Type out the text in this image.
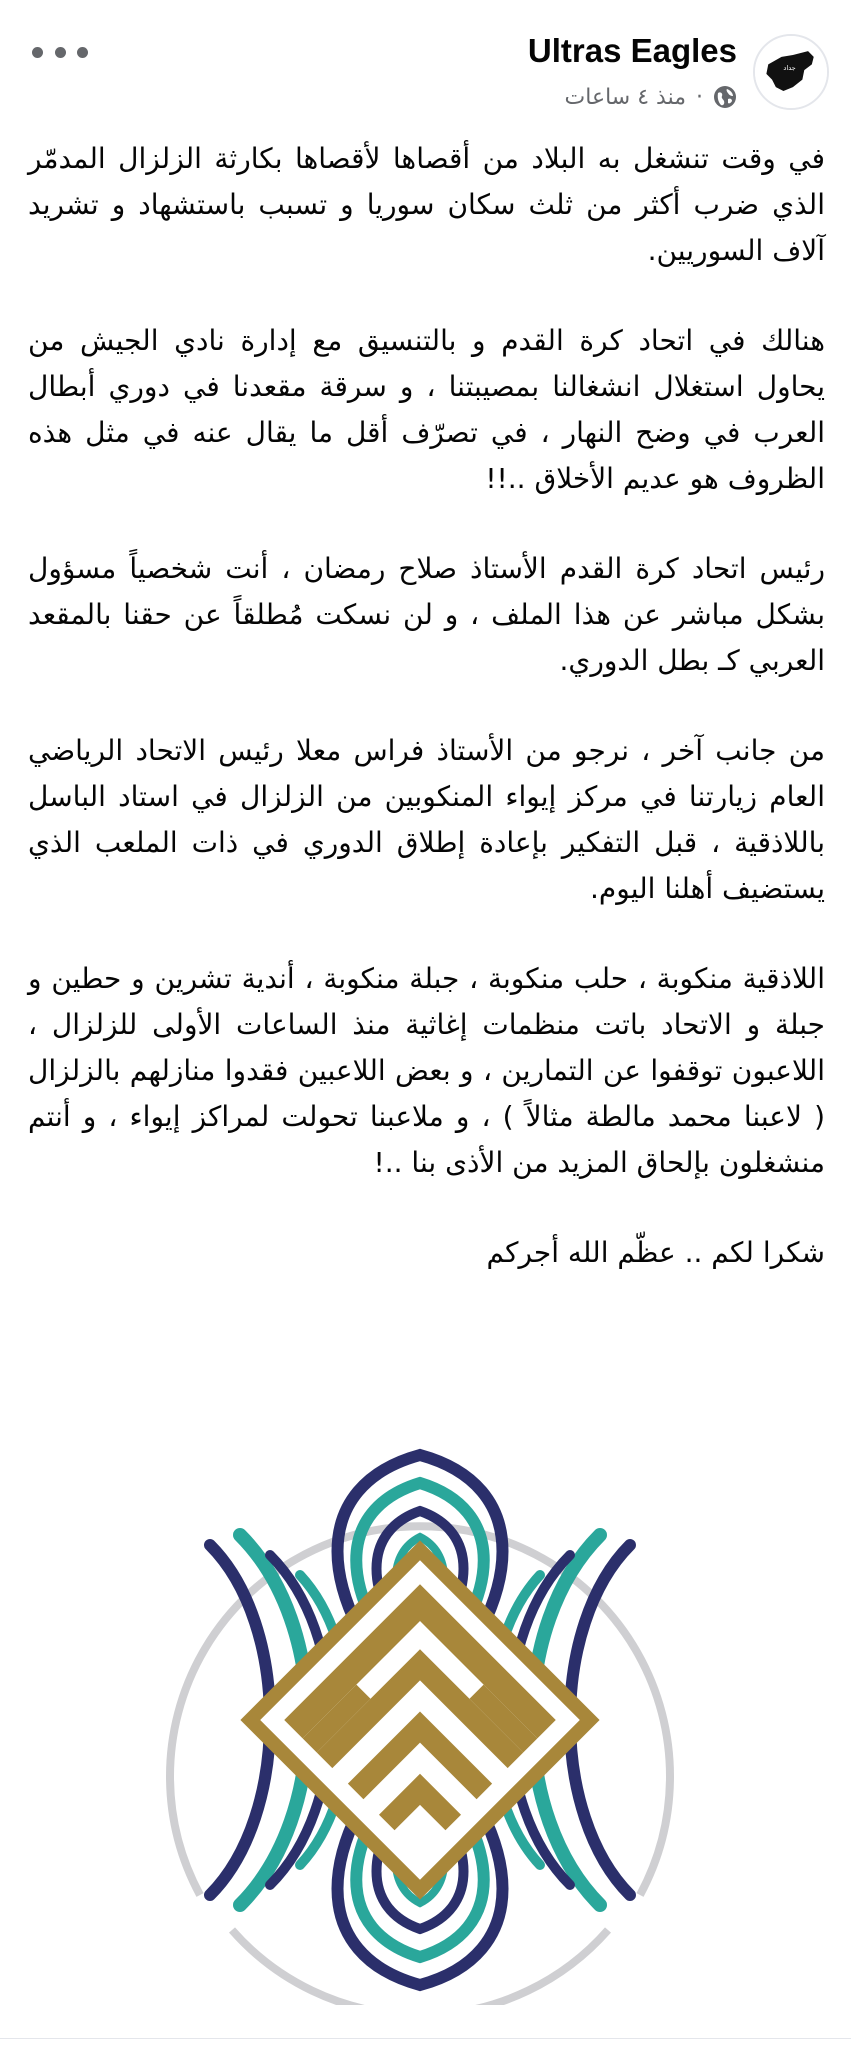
جداد
Ultras Eagles
منذ ٤ ساعات ·

في وقت تنشغل به البلاد من أقصاها لأقصاها بكارثة الزلزال المدمّر الذي ضرب أكثر من ثلث سكان سوريا و تسبب باستشهاد و تشريد آلاف السوريين.

هنالك في اتحاد كرة القدم و بالتنسيق مع إدارة نادي الجيش من يحاول استغلال انشغالنا بمصيبتنا ، و سرقة مقعدنا في دوري أبطال العرب في وضح النهار ، في تصرّف أقل ما يقال عنه في مثل هذه الظروف هو عديم الأخلاق ..!!

رئيس اتحاد كرة القدم الأستاذ صلاح رمضان ، أنت شخصياً مسؤول بشكل مباشر عن هذا الملف ، و لن نسكت مُطلقاً عن حقنا بالمقعد العربي كـ بطل الدوري.

من جانب آخر ، نرجو من الأستاذ فراس معلا رئيس الاتحاد الرياضي العام زيارتنا في مركز إيواء المنكوبين من الزلزال في استاد الباسل باللاذقية ، قبل التفكير بإعادة إطلاق الدوري في ذات الملعب الذي يستضيف أهلنا اليوم.

اللاذقية منكوبة ، حلب منكوبة ، جبلة منكوبة ، أندية تشرين و حطين و جبلة و الاتحاد باتت منظمات إغاثية منذ الساعات الأولى للزلزال ، اللاعبون توقفوا عن التمارين ، و بعض اللاعبين فقدوا منازلهم بالزلزال ( لاعبنا محمد مالطة مثالاً ) ، و ملاعبنا تحولت لمراكز إيواء ، و أنتم منشغلون بإلحاق المزيد من الأذى بنا ..!

شكرا لكم .. عظّم الله أجركم
